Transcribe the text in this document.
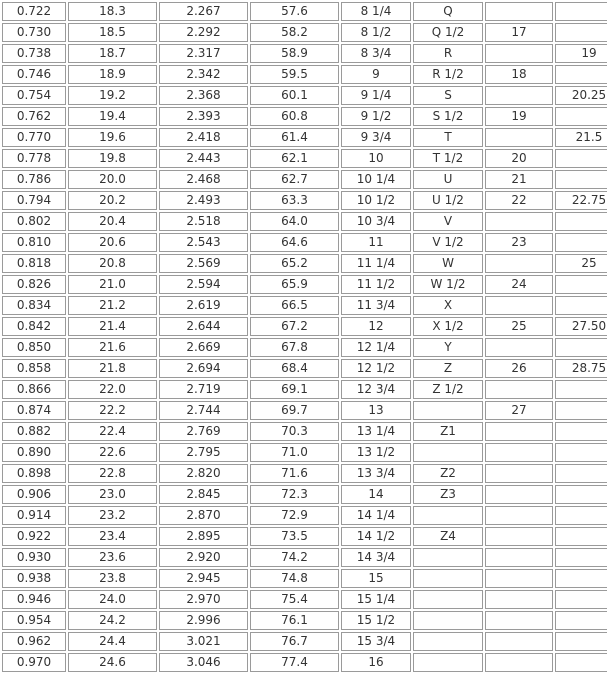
0.722	18.3	2.267	57.6	8 1/4	Q		
0.730	18.5	2.292	58.2	8 1/2	Q 1/2	17	
0.738	18.7	2.317	58.9	8 3/4	R		19
0.746	18.9	2.342	59.5	9	R 1/2	18	
0.754	19.2	2.368	60.1	9 1/4	S		20.25
0.762	19.4	2.393	60.8	9 1/2	S 1/2	19	
0.770	19.6	2.418	61.4	9 3/4	T		21.5
0.778	19.8	2.443	62.1	10	T 1/2	20	
0.786	20.0	2.468	62.7	10 1/4	U	21	
0.794	20.2	2.493	63.3	10 1/2	U 1/2	22	22.75
0.802	20.4	2.518	64.0	10 3/4	V		
0.810	20.6	2.543	64.6	11	V 1/2	23	
0.818	20.8	2.569	65.2	11 1/4	W		25
0.826	21.0	2.594	65.9	11 1/2	W 1/2	24	
0.834	21.2	2.619	66.5	11 3/4	X		
0.842	21.4	2.644	67.2	12	X 1/2	25	27.50
0.850	21.6	2.669	67.8	12 1/4	Y		
0.858	21.8	2.694	68.4	12 1/2	Z	26	28.75
0.866	22.0	2.719	69.1	12 3/4	Z 1/2		
0.874	22.2	2.744	69.7	13		27	
0.882	22.4	2.769	70.3	13 1/4	Z1		
0.890	22.6	2.795	71.0	13 1/2			
0.898	22.8	2.820	71.6	13 3/4	Z2		
0.906	23.0	2.845	72.3	14	Z3		
0.914	23.2	2.870	72.9	14 1/4			
0.922	23.4	2.895	73.5	14 1/2	Z4		
0.930	23.6	2.920	74.2	14 3/4			
0.938	23.8	2.945	74.8	15			
0.946	24.0	2.970	75.4	15 1/4			
0.954	24.2	2.996	76.1	15 1/2			
0.962	24.4	3.021	76.7	15 3/4			
0.970	24.6	3.046	77.4	16			
